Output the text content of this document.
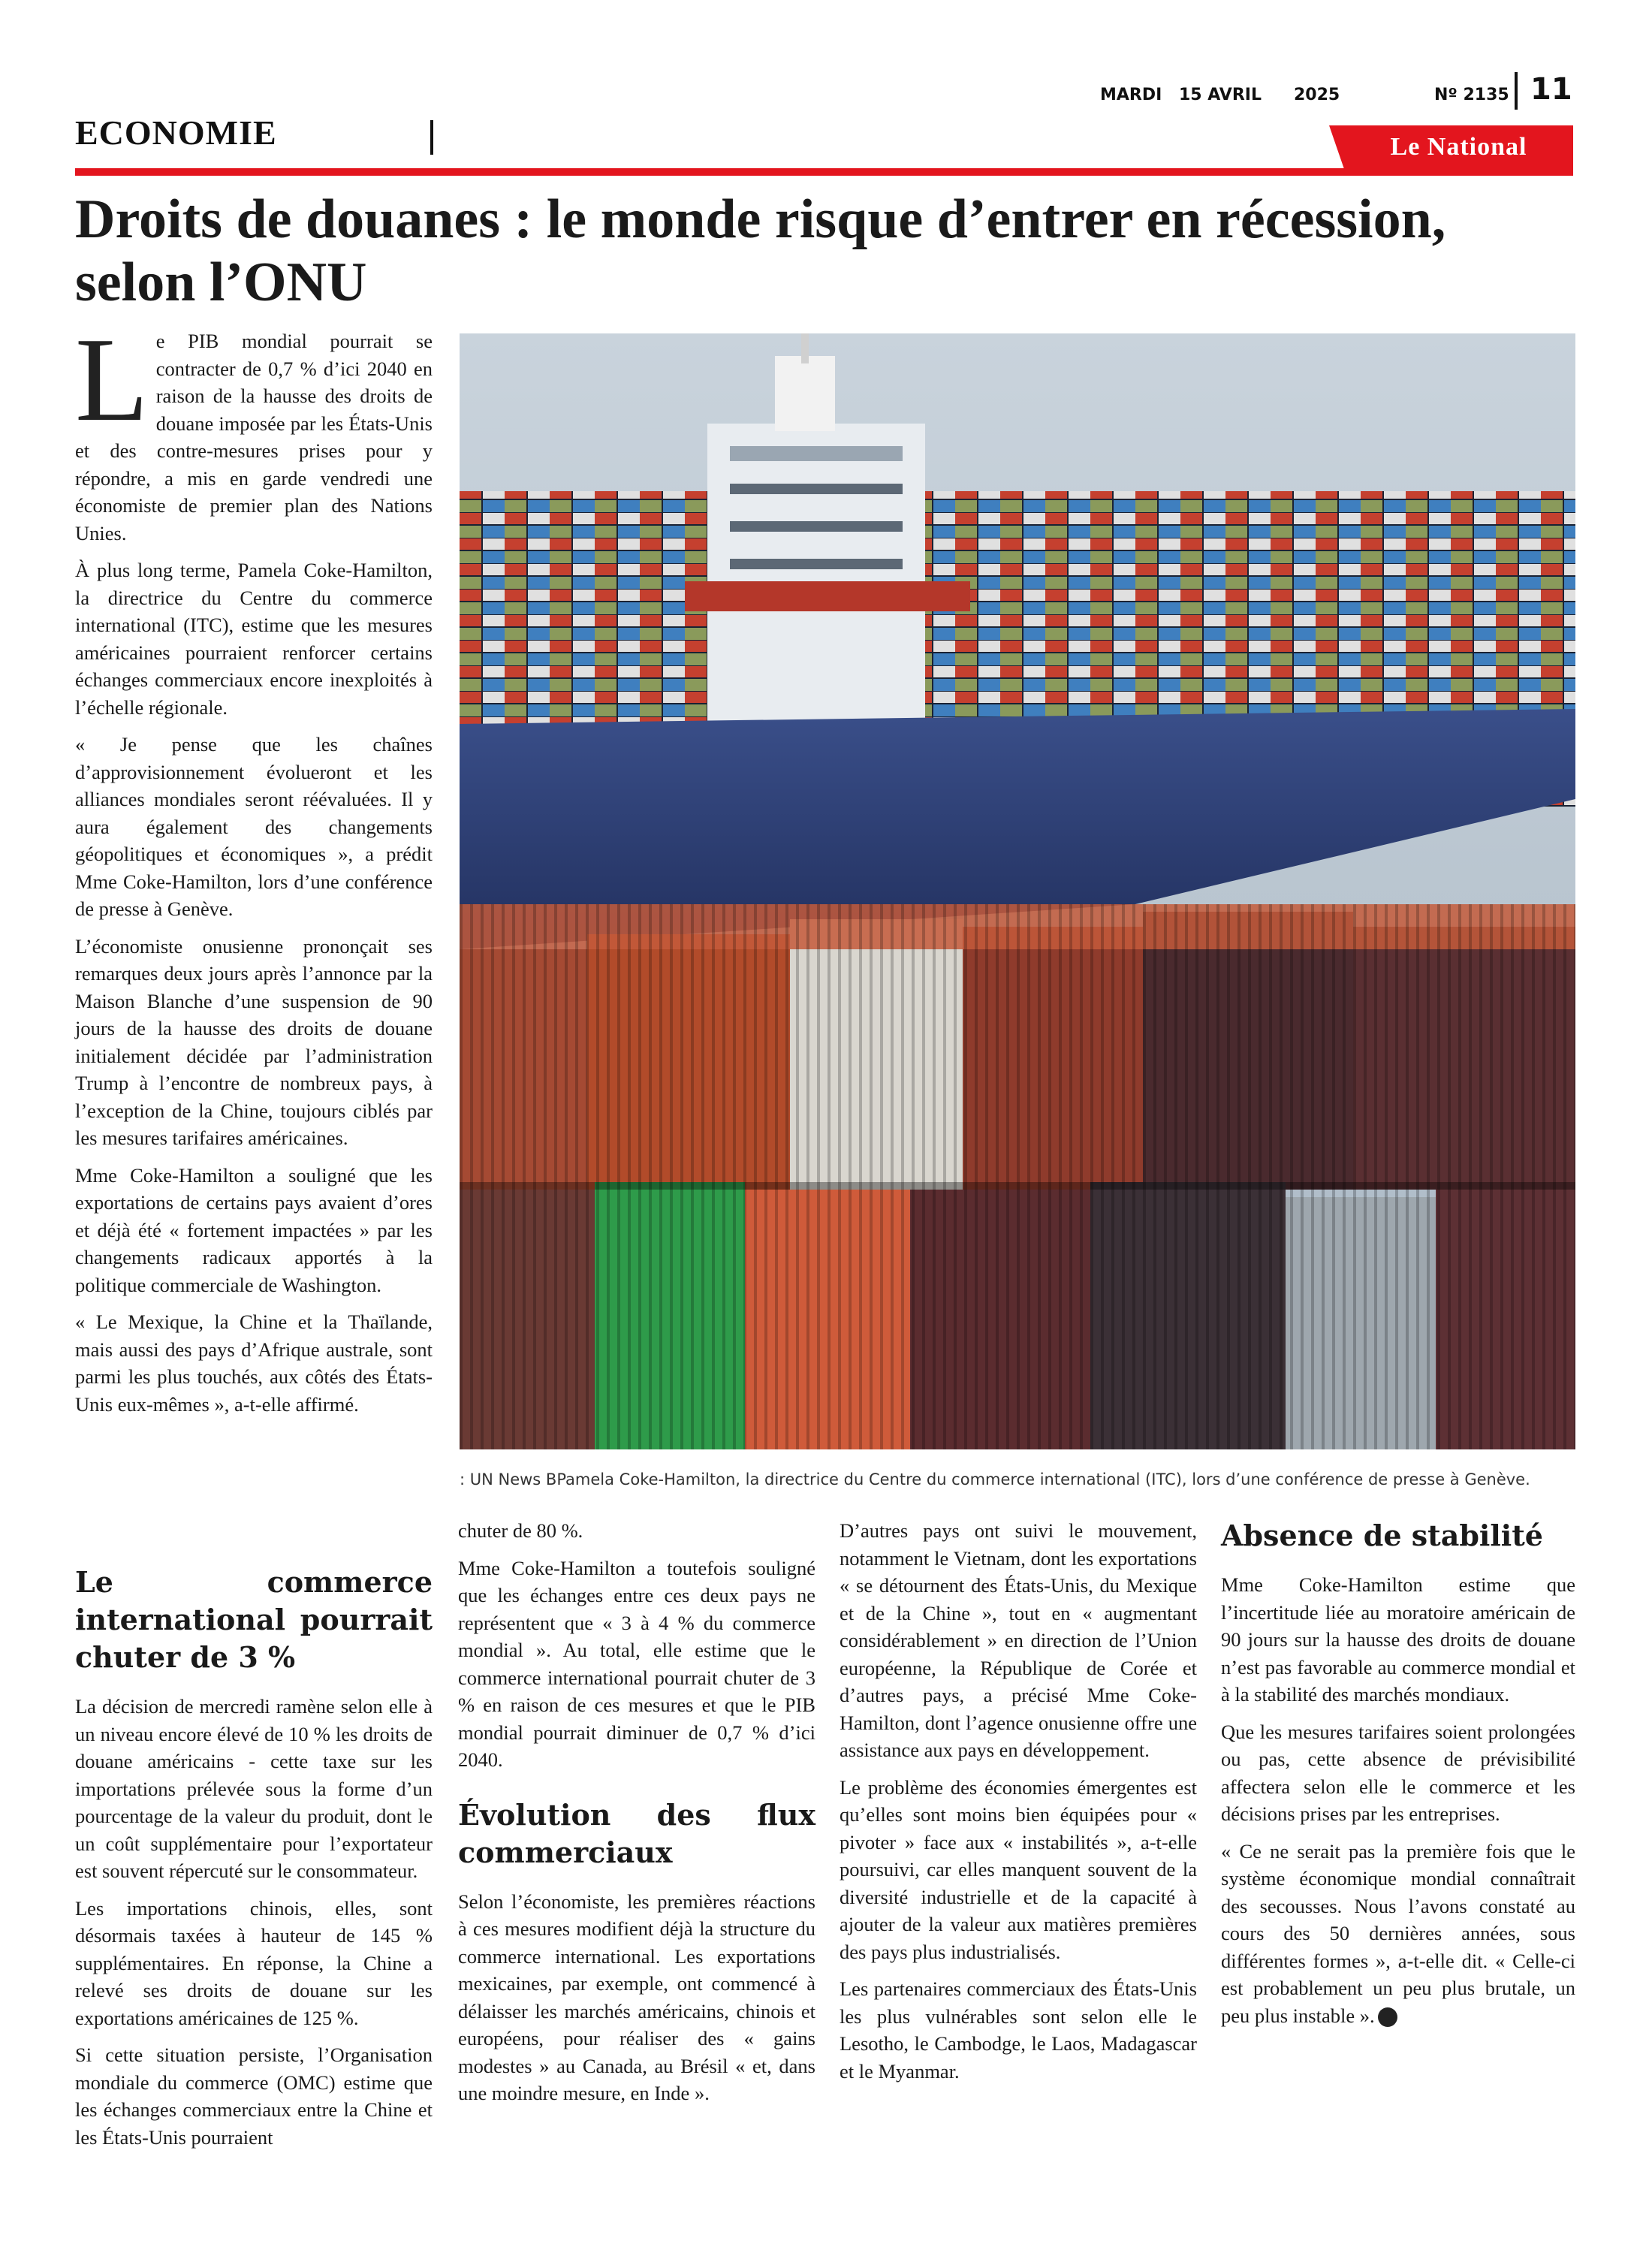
ECONOMIE
MARDI 15 AVRIL 2025	Nº 2135 11
Le National
Droits de douanes : le monde risque d’entrer en récession, selon l’ONU

Le PIB mondial pourrait se contracter de 0,7 % d’ici 2040 en raison de la hausse des droits de douane imposée par les États-Unis et des contre-mesures prises pour y répondre, a mis en garde vendredi une économiste de premier plan des Nations Unies.

À plus long terme, Pamela Coke-Hamilton, la directrice du Centre du commerce international (ITC), estime que les mesures américaines pourraient renforcer certains échanges commerciaux encore inexploités à l’échelle régionale.

« Je pense que les chaînes d’approvisionnement évolueront et les alliances mondiales seront réévaluées. Il y aura également des changements géopolitiques et économiques », a prédit Mme Coke-Hamilton, lors d’une conférence de presse à Genève.

L’économiste onusienne prononçait ses remarques deux jours après l’annonce par la Maison Blanche d’une suspension de 90 jours de la hausse des droits de douane initialement décidée par l’administration Trump à l’encontre de nombreux pays, à l’exception de la Chine, toujours ciblés par les mesures tarifaires américaines.

Mme Coke-Hamilton a souligné que les exportations de certains pays avaient d’ores et déjà été « fortement impactées » par les changements radicaux apportés à la politique commerciale de Washington.

« Le Mexique, la Chine et la Thaïlande, mais aussi des pays d’Afrique australe, sont parmi les plus touchés, aux côtés des États-Unis eux-mêmes », a-t-elle affirmé.

Le commerce international pourrait chuter de 3 %

La décision de mercredi ramène selon elle à un niveau encore élevé de 10 % les droits de douane américains - cette taxe sur les importations prélevée sous la forme d’un pourcentage de la valeur du produit, dont le un coût supplémentaire pour l’exportateur est souvent répercuté sur le consommateur.

Les importations chinois, elles, sont désormais taxées à hauteur de 145 % supplémentaires. En réponse, la Chine a relevé ses droits de douane sur les exportations américaines de 125 %.

Si cette situation persiste, l’Organisation mondiale du commerce (OMC) estime que les échanges commerciaux entre la Chine et les États-Unis pourraient

: UN News BPamela Coke-Hamilton, la directrice du Centre du commerce international (ITC), lors d’une conférence de presse à Genève.

chuter de 80 %.

Mme Coke-Hamilton a toutefois souligné que les échanges entre ces deux pays ne représentent que « 3 à 4 % du commerce mondial ». Au total, elle estime que le commerce international pourrait chuter de 3 % en raison de ces mesures et que le PIB mondial pourrait diminuer de 0,7 % d’ici 2040.

Évolution des flux commerciaux

Selon l’économiste, les premières réactions à ces mesures modifient déjà la structure du commerce international. Les exportations mexicaines, par exemple, ont commencé à délaisser les marchés américains, chinois et européens, pour réaliser des « gains modestes » au Canada, au Brésil « et, dans une moindre mesure, en Inde ».

D’autres pays ont suivi le mouvement, notamment le Vietnam, dont les exportations « se détournent des États-Unis, du Mexique et de la Chine », tout en « augmentant considérablement » en direction de l’Union européenne, la République de Corée et d’autres pays, a précisé Mme Coke-Hamilton, dont l’agence onusienne offre une assistance aux pays en développement.

Le problème des économies émergentes est qu’elles sont moins bien équipées pour « pivoter » face aux « instabilités », a-t-elle poursuivi, car elles manquent souvent de la diversité industrielle et de la capacité à ajouter de la valeur aux matières premières des pays plus industrialisés.

Les partenaires commerciaux des États-Unis les plus vulnérables sont selon elle le Lesotho, le Cambodge, le Laos, Madagascar et le Myanmar.

Absence de stabilité

Mme Coke-Hamilton estime que l’incertitude liée au moratoire américain de 90 jours sur la hausse des droits de douane n’est pas favorable au commerce mondial et à la stabilité des marchés mondiaux.

Que les mesures tarifaires soient prolongées ou pas, cette absence de prévisibilité affectera selon elle le commerce et les décisions prises par les entreprises.

« Ce ne serait pas la première fois que le système économique mondial connaîtrait des secousses. Nous l’avons constaté au cours des 50 dernières années, sous différentes formes », a-t-elle dit. « Celle-ci est probablement un peu plus brutale, un peu plus instable ».
